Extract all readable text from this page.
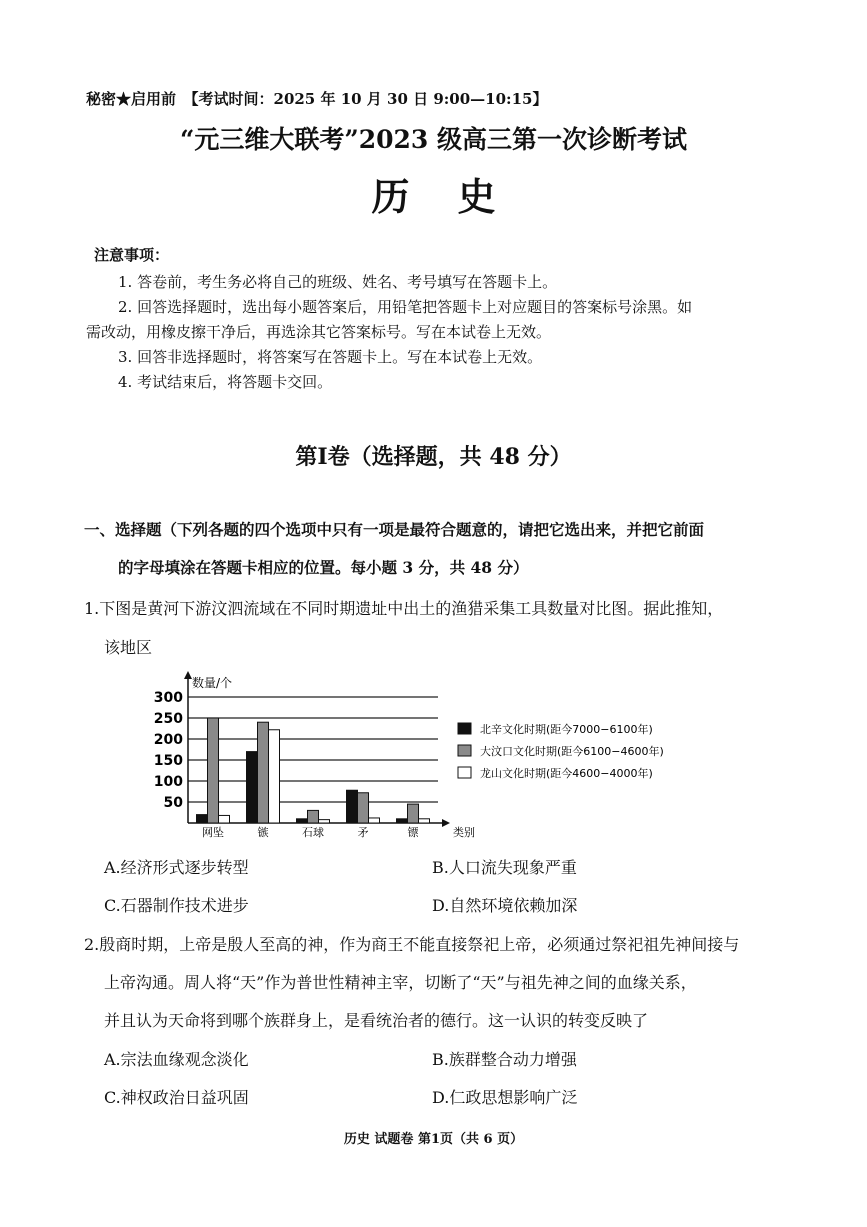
秘密★启用前　【考试时间：2025 年 10 月 30 日 9:00—10:15】
“元三维大联考”2023 级高三第一次诊断考试
历史
注意事项：
1. 答卷前，考生务必将自己的班级、姓名、考号填写在答题卡上。
2. 回答选择题时，选出每小题答案后，用铅笔把答题卡上对应题目的答案标号涂黑。如
需改动，用橡皮擦干净后，再选涂其它答案标号。写在本试卷上无效。
3. 回答非选择题时，将答案写在答题卡上。写在本试卷上无效。
4. 考试结束后，将答题卡交回。
第Ⅰ卷（选择题，共 48 分）
一、选择题（下列各题的四个选项中只有一项是最符合题意的，请把它选出来，并把它前面
的字母填涂在答题卡相应的位置。每小题 3 分，共 48 分）
1.下图是黄河下游汶泗流域在不同时期遗址中出土的渔猎采集工具数量对比图。据此推知，
该地区
50
100
150
200
250
300
网坠	镞	石球	矛	镖
北辛文化时期(距今7000−6100年)
大汶口文化时期(距今6100−4600年)
龙山文化时期(距今4600−4000年)
数量/个
类别
A.经济形式逐步转型	B.人口流失现象严重
C.石器制作技术进步	D.自然环境依赖加深
2.殷商时期，上帝是殷人至高的神，作为商王不能直接祭祀上帝，必须通过祭祀祖先神间接与
上帝沟通。周人将“天”作为普世性精神主宰，切断了“天”与祖先神之间的血缘关系，
并且认为天命将到哪个族群身上，是看统治者的德行。这一认识的转变反映了
A.宗法血缘观念淡化	B.族群整合动力增强
C.神权政治日益巩固	D.仁政思想影响广泛
历史 试题卷 第1页（共 6 页）
